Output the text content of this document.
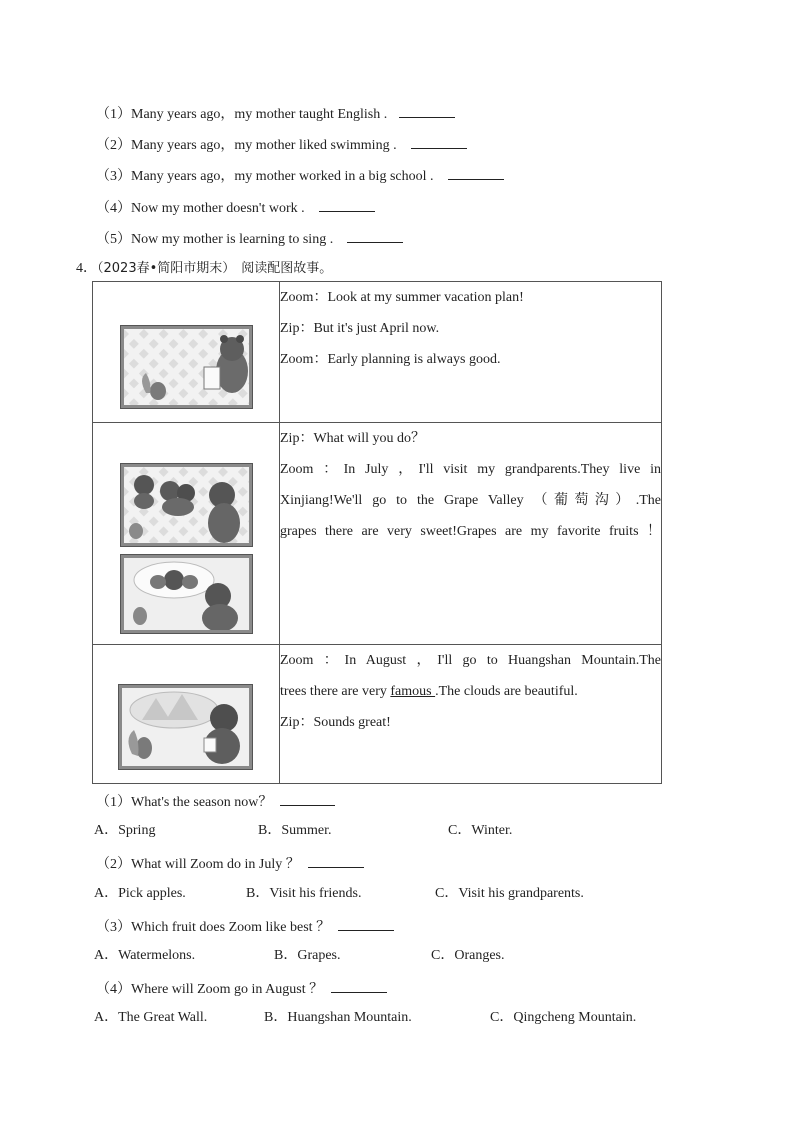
（1）Many years ago，my mother taught English .
（2）Many years ago，my mother liked swimming .
（3）Many years ago，my mother worked in a big school .
（4）Now my mother doesn't work .
（5）Now my mother is learning to sing .
4．（2023春•简阳市期末） 阅读配图故事。

Zoom：Look at my summer vacation plan!
Zip：But it's just April now.
Zoom：Early planning is always good.

Zip：What will you do？
Zoom ：In July ，I'll visit my grandparents.They live in
Xinjiang!We'll go to the Grape Valley （葡萄沟）.The
grapes there are very sweet!Grapes are my favorite fruits ！

Zoom ：In August ，I'll go to Huangshan Mountain.The
trees there are very famous .The clouds are beautiful.
Zip：Sounds great!
（1）What's the season now？
A．Spring	B．Summer.	C．Winter.
（2）What will Zoom do in July ？
A．Pick apples.	B．Visit his friends.	C．Visit his grandparents.
（3）Which fruit does Zoom like best ？
A．Watermelons.	B．Grapes.	C．Oranges.
（4）Where will Zoom go in August ？
A．The Great Wall.	B．Huangshan Mountain.	C．Qingcheng Mountain.
